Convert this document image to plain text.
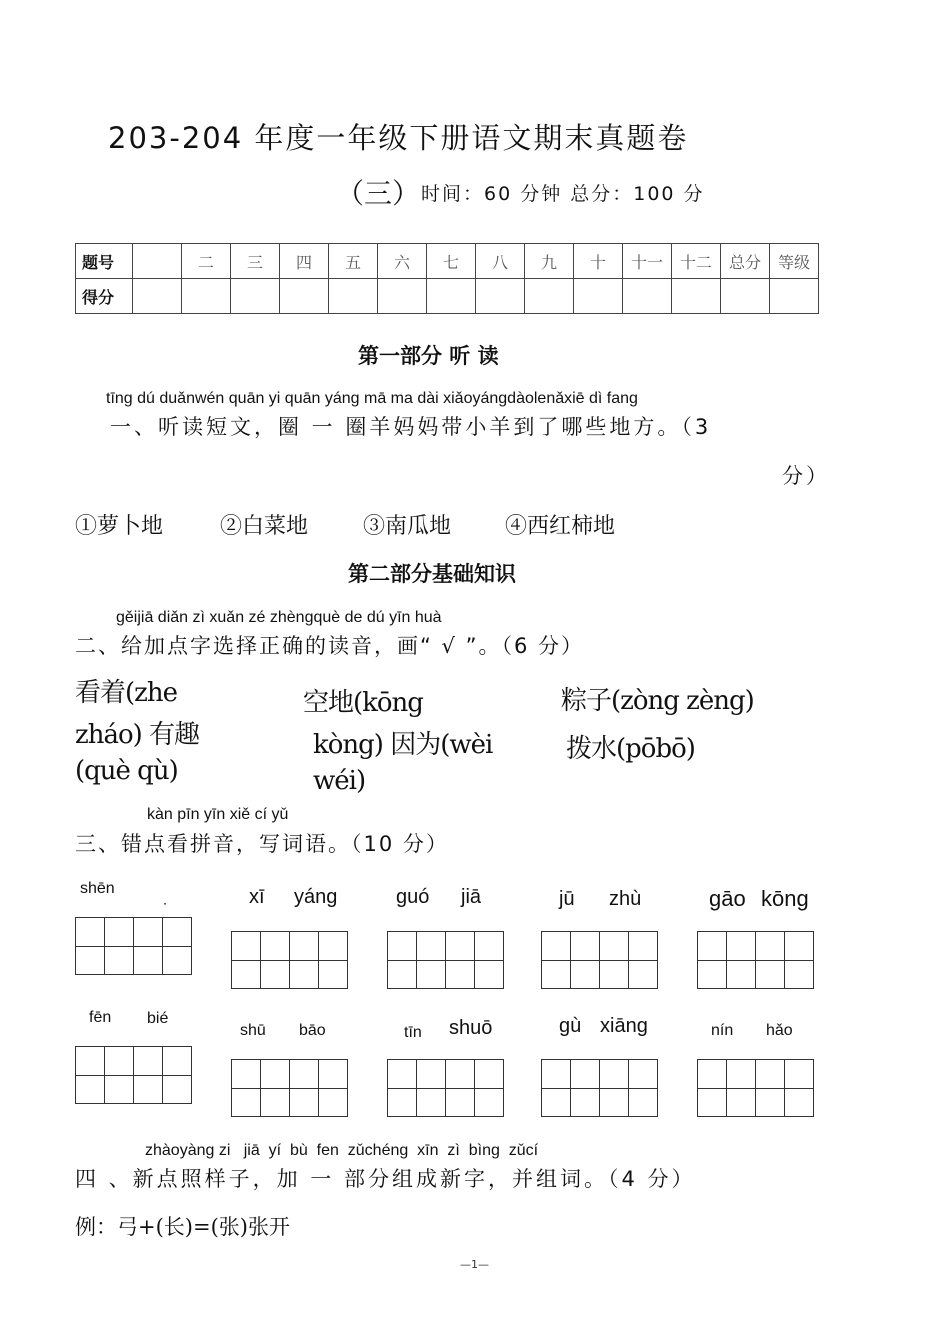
203-204 年度一年级下册语文期末真题卷
（三） 时间：60 分钟 总分：100 分
题号		二	三	四	五	六	七	八	九	十	十一	十二	总分	等级
得分														
第一部分 听 读
tīng dú duǎnwén quān yi quān yáng mā ma dài xiǎoyángdàolenǎxiē dì fang
一、听读短文，圈 一 圈羊妈妈带小羊到了哪些地方。（3
分）
①萝卜地	②白菜地 ③南瓜地 ④西红柿地
第二部分基础知识
gěijiā diǎn zì xuǎn zé zhèngquè de dú yīn huà
二、给加点字选择正确的读音，画“ √ ”。（6 分）
看着(zhe
zháo) 有趣
(què qù)
空地(kōng
kòng) 因为(wèi
wéi)
粽子(zòng zèng)
拨水(pōbō)
kàn pīn yīn xiě cí yǔ
三、错点看拼音，写词语。（10 分）
shēn
˖	xī yáng	guó jiā	jū zhù	gāo kōng
fēn bié
shū bāo	tīn shuō	gù xiāng	nín hǎo
zhàoyàng zi   jiā  yí  bù  fen  zǔchéng  xīn  zì  bìng  zǔcí
四 、新点照样子，加 一 部分组成新字，并组词。（4 分）
例：弓+(长)=(张)张开
—1—
